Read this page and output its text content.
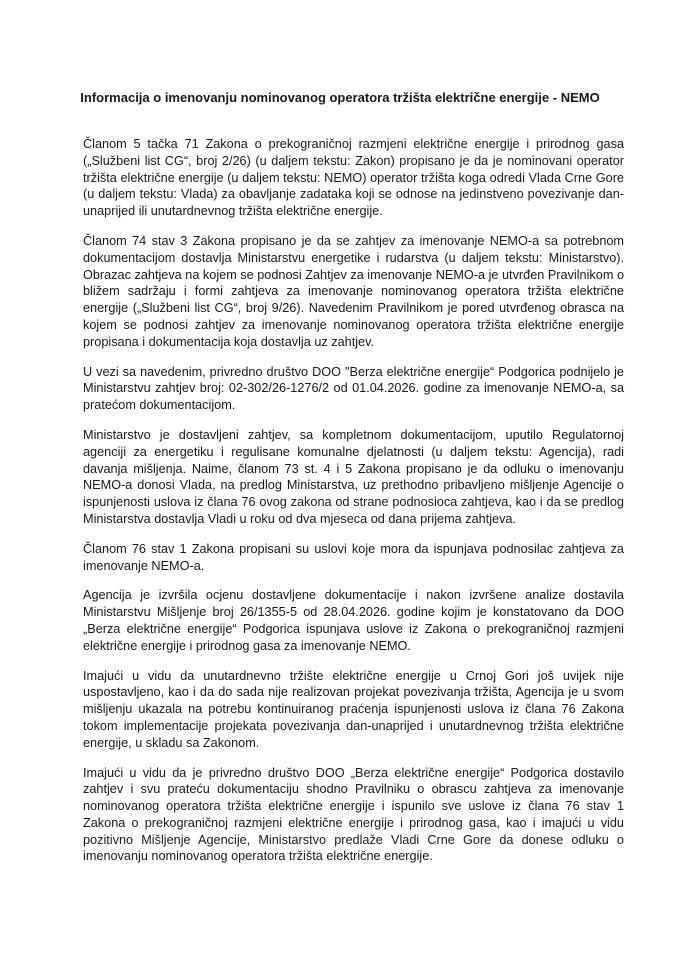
Informacija o imenovanju nominovanog operatora tržišta električne energije - NEMO

Članom 5 tačka 71 Zakona o prekograničnoj razmjeni električne energije i prirodnog gasa („Službeni list CG“, broj 2/26) (u daljem tekstu: Zakon) propisano je da je nominovani operator tržišta električne energije (u daljem tekstu: NEMO) operator tržišta koga odredi Vlada Crne Gore (u daljem tekstu: Vlada) za obavljanje zadataka koji se odnose na jedinstveno povezivanje dan-unaprijed ili unutardnevnog tržišta električne energije.

Članom 74 stav 3 Zakona propisano je da se zahtjev za imenovanje NEMO-a sa potrebnom dokumentacijom dostavlja Ministarstvu energetike i rudarstva (u daljem tekstu: Ministarstvo). Obrazac zahtjeva na kojem se podnosi Zahtjev za imenovanje NEMO-a je utvrđen Pravilnikom o bližem sadržaju i formi zahtjeva za imenovanje nominovanog operatora tržišta električne energije („Službeni list CG“, broj 9/26). Navedenim Pravilnikom je pored utvrđenog obrasca na kojem se podnosi zahtjev za imenovanje nominovanog operatora tržišta električne energije propisana i dokumentacija koja dostavlja uz zahtjev.

U vezi sa navedenim, privredno društvo DOO "Berza električne energije“ Podgorica podnijelo je Ministarstvu zahtjev broj: 02-302/26-1276/2 od 01.04.2026. godine za imenovanje NEMO-a, sa pratećom dokumentacijom.

Ministarstvo je dostavljeni zahtjev, sa kompletnom dokumentacijom, uputilo Regulatornoj agenciji za energetiku i regulisane komunalne djelatnosti (u daljem tekstu: Agencija), radi davanja mišljenja. Naime, članom 73 st. 4 i 5 Zakona propisano je da odluku o imenovanju NEMO-a donosi Vlada, na predlog Ministarstva, uz prethodno pribavljeno mišljenje Agencije o ispunjenosti uslova iz člana 76 ovog zakona od strane podnosioca zahtjeva, kao i da se predlog Ministarstva dostavlja Vladi u roku od dva mjeseca od dana prijema zahtjeva.

Članom 76 stav 1 Zakona propisani su uslovi koje mora da ispunjava podnosilac zahtjeva za imenovanje NEMO-a.

Agencija je izvršila ocjenu dostavljene dokumentacije i nakon izvršene analize dostavila Ministarstvu Mišljenje broj 26/1355-5 od 28.04.2026. godine kojim je konstatovano da DOO „Berza električne energije“ Podgorica ispunjava uslove iz Zakona o prekograničnoj razmjeni električne energije i prirodnog gasa za imenovanje NEMO.

Imajući u vidu da unutardnevno tržište električne energije u Crnoj Gori još uvijek nije uspostavljeno, kao i da do sada nije realizovan projekat povezivanja tržišta, Agencija je u svom mišljenju ukazala na potrebu kontinuiranog praćenja ispunjenosti uslova iz člana 76 Zakona tokom implementacije projekata povezivanja dan-unaprijed i unutardnevnog tržišta električne energije, u skladu sa Zakonom.

Imajući u vidu da je privredno društvo DOO „Berza električne energije“ Podgorica dostavilo zahtjev i svu prateću dokumentaciju shodno Pravilniku o obrascu zahtjeva za imenovanje nominovanog operatora tržišta električne energije i ispunilo sve uslove iz člana 76 stav 1 Zakona o prekograničnoj razmjeni električne energije i prirodnog gasa, kao i imajući u vidu pozitivno Mišljenje Agencije, Ministarstvo predlaže Vladi Crne Gore da donese odluku o imenovanju nominovanog operatora tržišta električne energije.
